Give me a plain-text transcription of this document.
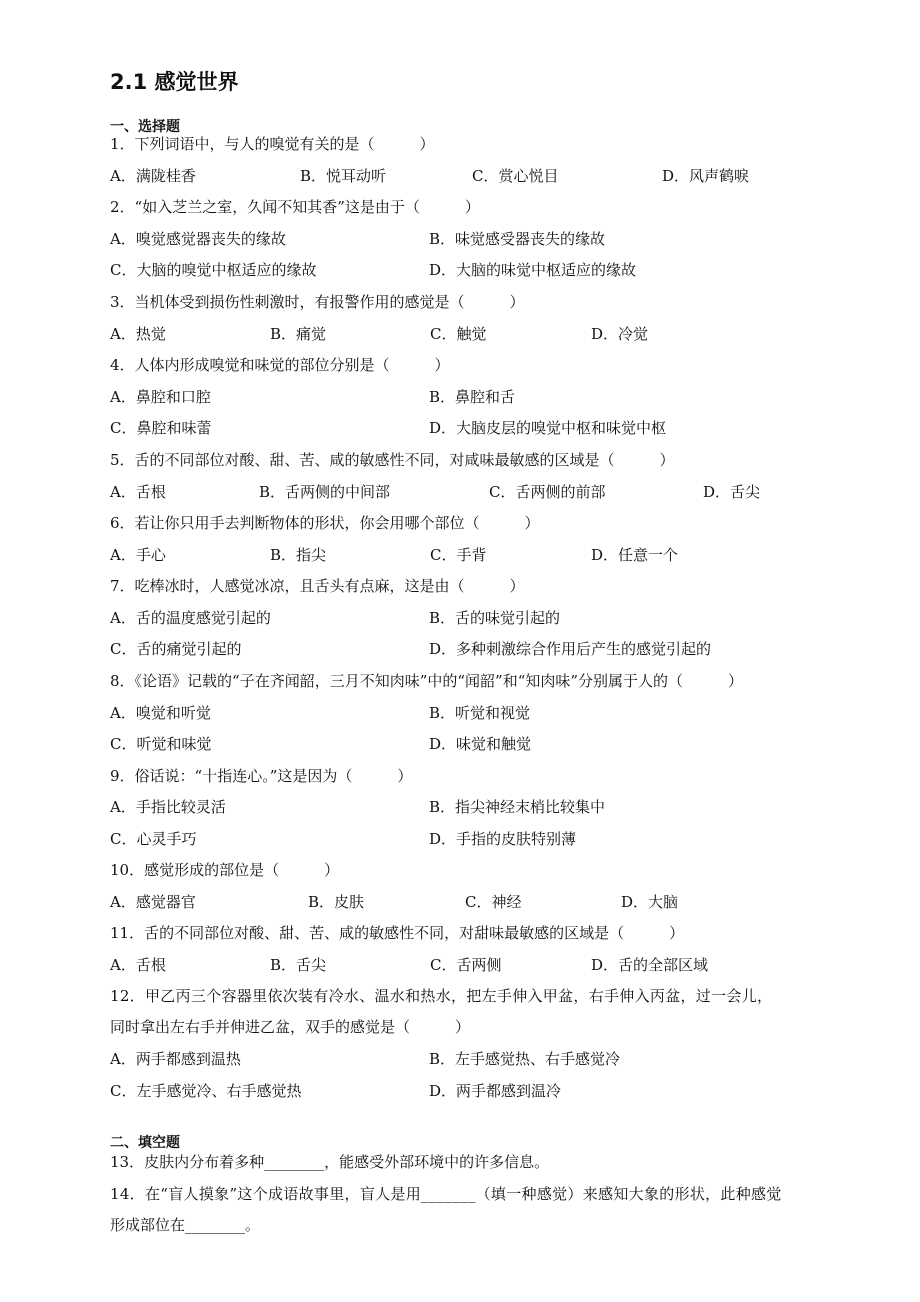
2.1 感觉世界
一、选择题
1．下列词语中，与人的嗅觉有关的是（　　　）
A．满陇桂香	B．悦耳动听	C．赏心悦目	D．风声鹤唳
2．“如入芝兰之室，久闻不知其香”这是由于（　　　）
A．嗅觉感觉器丧失的缘故	B．味觉感受器丧失的缘故
C．大脑的嗅觉中枢适应的缘故	D．大脑的味觉中枢适应的缘故
3．当机体受到损伤性刺激时，有报警作用的感觉是（　　　）
A．热觉	B．痛觉	C．触觉	D．冷觉
4．人体内形成嗅觉和味觉的部位分别是（　　　）
A．鼻腔和口腔	B．鼻腔和舌
C．鼻腔和味蕾	D．大脑皮层的嗅觉中枢和味觉中枢
5．舌的不同部位对酸、甜、苦、咸的敏感性不同，对咸味最敏感的区域是（　　　）
A．舌根	B．舌两侧的中间部	C．舌两侧的前部	D．舌尖
6．若让你只用手去判断物体的形状，你会用哪个部位（　　　）
A．手心	B．指尖	C．手背	D．任意一个
7．吃棒冰时，人感觉冰凉，且舌头有点麻，这是由（　　　）
A．舌的温度感觉引起的	B．舌的味觉引起的
C．舌的痛觉引起的	D．多种刺激综合作用后产生的感觉引起的
8．《论语》记载的“子在齐闻韶，三月不知肉味”中的“闻韶”和“知肉味”分别属于人的（　　　）
A．嗅觉和听觉	B．听觉和视觉
C．听觉和味觉	D．味觉和触觉
9．俗话说：“十指连心。”这是因为（　　　）
A．手指比较灵活	B．指尖神经末梢比较集中
C．心灵手巧	D．手指的皮肤特别薄
10．感觉形成的部位是（　　　）
A．感觉器官	B．皮肤	C．神经	D．大脑
11．舌的不同部位对酸、甜、苦、咸的敏感性不同，对甜味最敏感的区域是（　　　）
A．舌根	B．舌尖	C．舌两侧	D．舌的全部区域
12．甲乙丙三个容器里依次装有冷水、温水和热水，把左手伸入甲盆，右手伸入丙盆，过一会儿，
同时拿出左右手并伸进乙盆，双手的感觉是（　　　）
A．两手都感到温热	B．左手感觉热、右手感觉冷
C．左手感觉冷、右手感觉热	D．两手都感到温冷
二、填空题
13．皮肤内分布着多种________，能感受外部环境中的许多信息。
14．在“盲人摸象”这个成语故事里，盲人是用_______（填一种感觉）来感知大象的形状，此种感觉
形成部位在________。
